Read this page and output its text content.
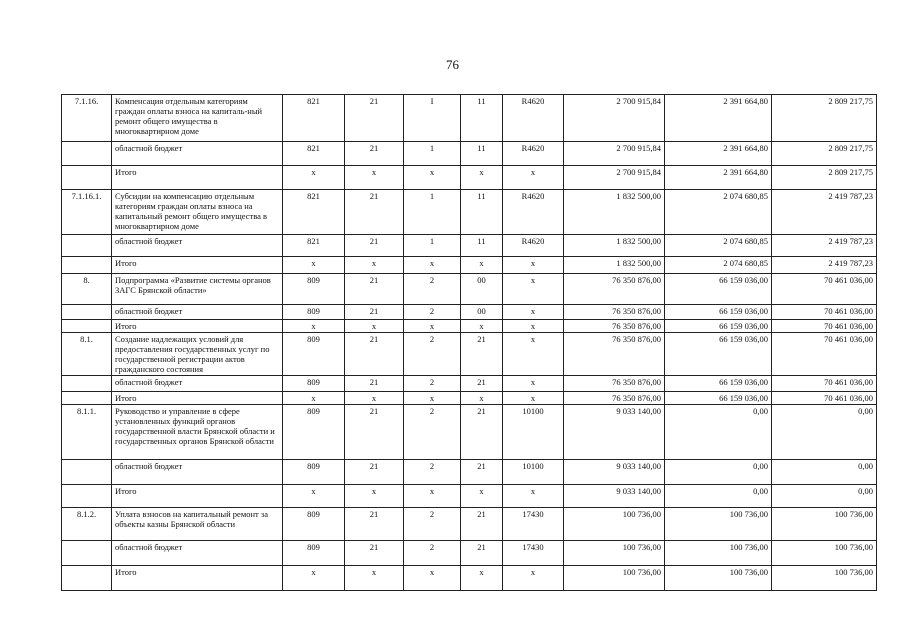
76
7.1.16.	Компенсация отдельным категориям граждан оплаты взноса на капиталь-ный ремонт общего имущества в многоквартирном доме	821	21	I	11	R4620	2 700 915,84	2 391 664,80	2 809 217,75
	областной бюджет	821	21	1	11	R4620	2 700 915,84	2 391 664,80	2 809 217,75
	Итого	x	x	x	x	x	2 700 915,84	2 391 664,80	2 809 217,75
7.1.16.1.	Субсидии на компенсацию отдельным категориям граждан оплаты взноса на капитальный ремонт общего имущества в многоквартирном доме	821	21	1	11	R4620	1 832 500,00	2 074 680,85	2 419 787,23
	областной бюджет	821	21	1	11	R4620	1 832 500,00	2 074 680,85	2 419 787,23
	Итого	x	x	x	x	x	1 832 500,00	2 074 680,85	2 419 787,23
8.	Подпрограмма «Развитие системы органов ЗАГС Брянской области»	809	21	2	00	x	76 350 876,00	66 159 036,00	70 461 036,00
	областной бюджет	809	21	2	00	x	76 350 876,00	66 159 036,00	70 461 036,00
	Итого	x	x	x	x	x	76 350 876,00	66 159 036,00	70 461 036,00
8.1.	Создание надлежащих условий для предоставления государственных услуг по государственной регистрации актов гражданского состояния	809	21	2	21	x	76 350 876,00	66 159 036,00	70 461 036,00
	областной бюджет	809	21	2	21	x	76 350 876,00	66 159 036,00	70 461 036,00
	Итого	x	x	x	x	x	76 350 876,00	66 159 036,00	70 461 036,00
8.1.1.	Руководство и управление в сфере установленных функций органов государственной власти Брянской области и государственных органов Брянской области	809	21	2	21	10100	9 033 140,00	0,00	0,00
	областной бюджет	809	21	2	21	10100	9 033 140,00	0,00	0,00
	Итого	x	x	x	x	x	9 033 140,00	0,00	0,00
8.1.2.	Уплата взносов на капитальный ремонт за объекты казны Брянской области	809	21	2	21	17430	100 736,00	100 736,00	100 736,00
	областной бюджет	809	21	2	21	17430	100 736,00	100 736,00	100 736,00
	Итого	x	x	x	x	x	100 736,00	100 736,00	100 736,00
